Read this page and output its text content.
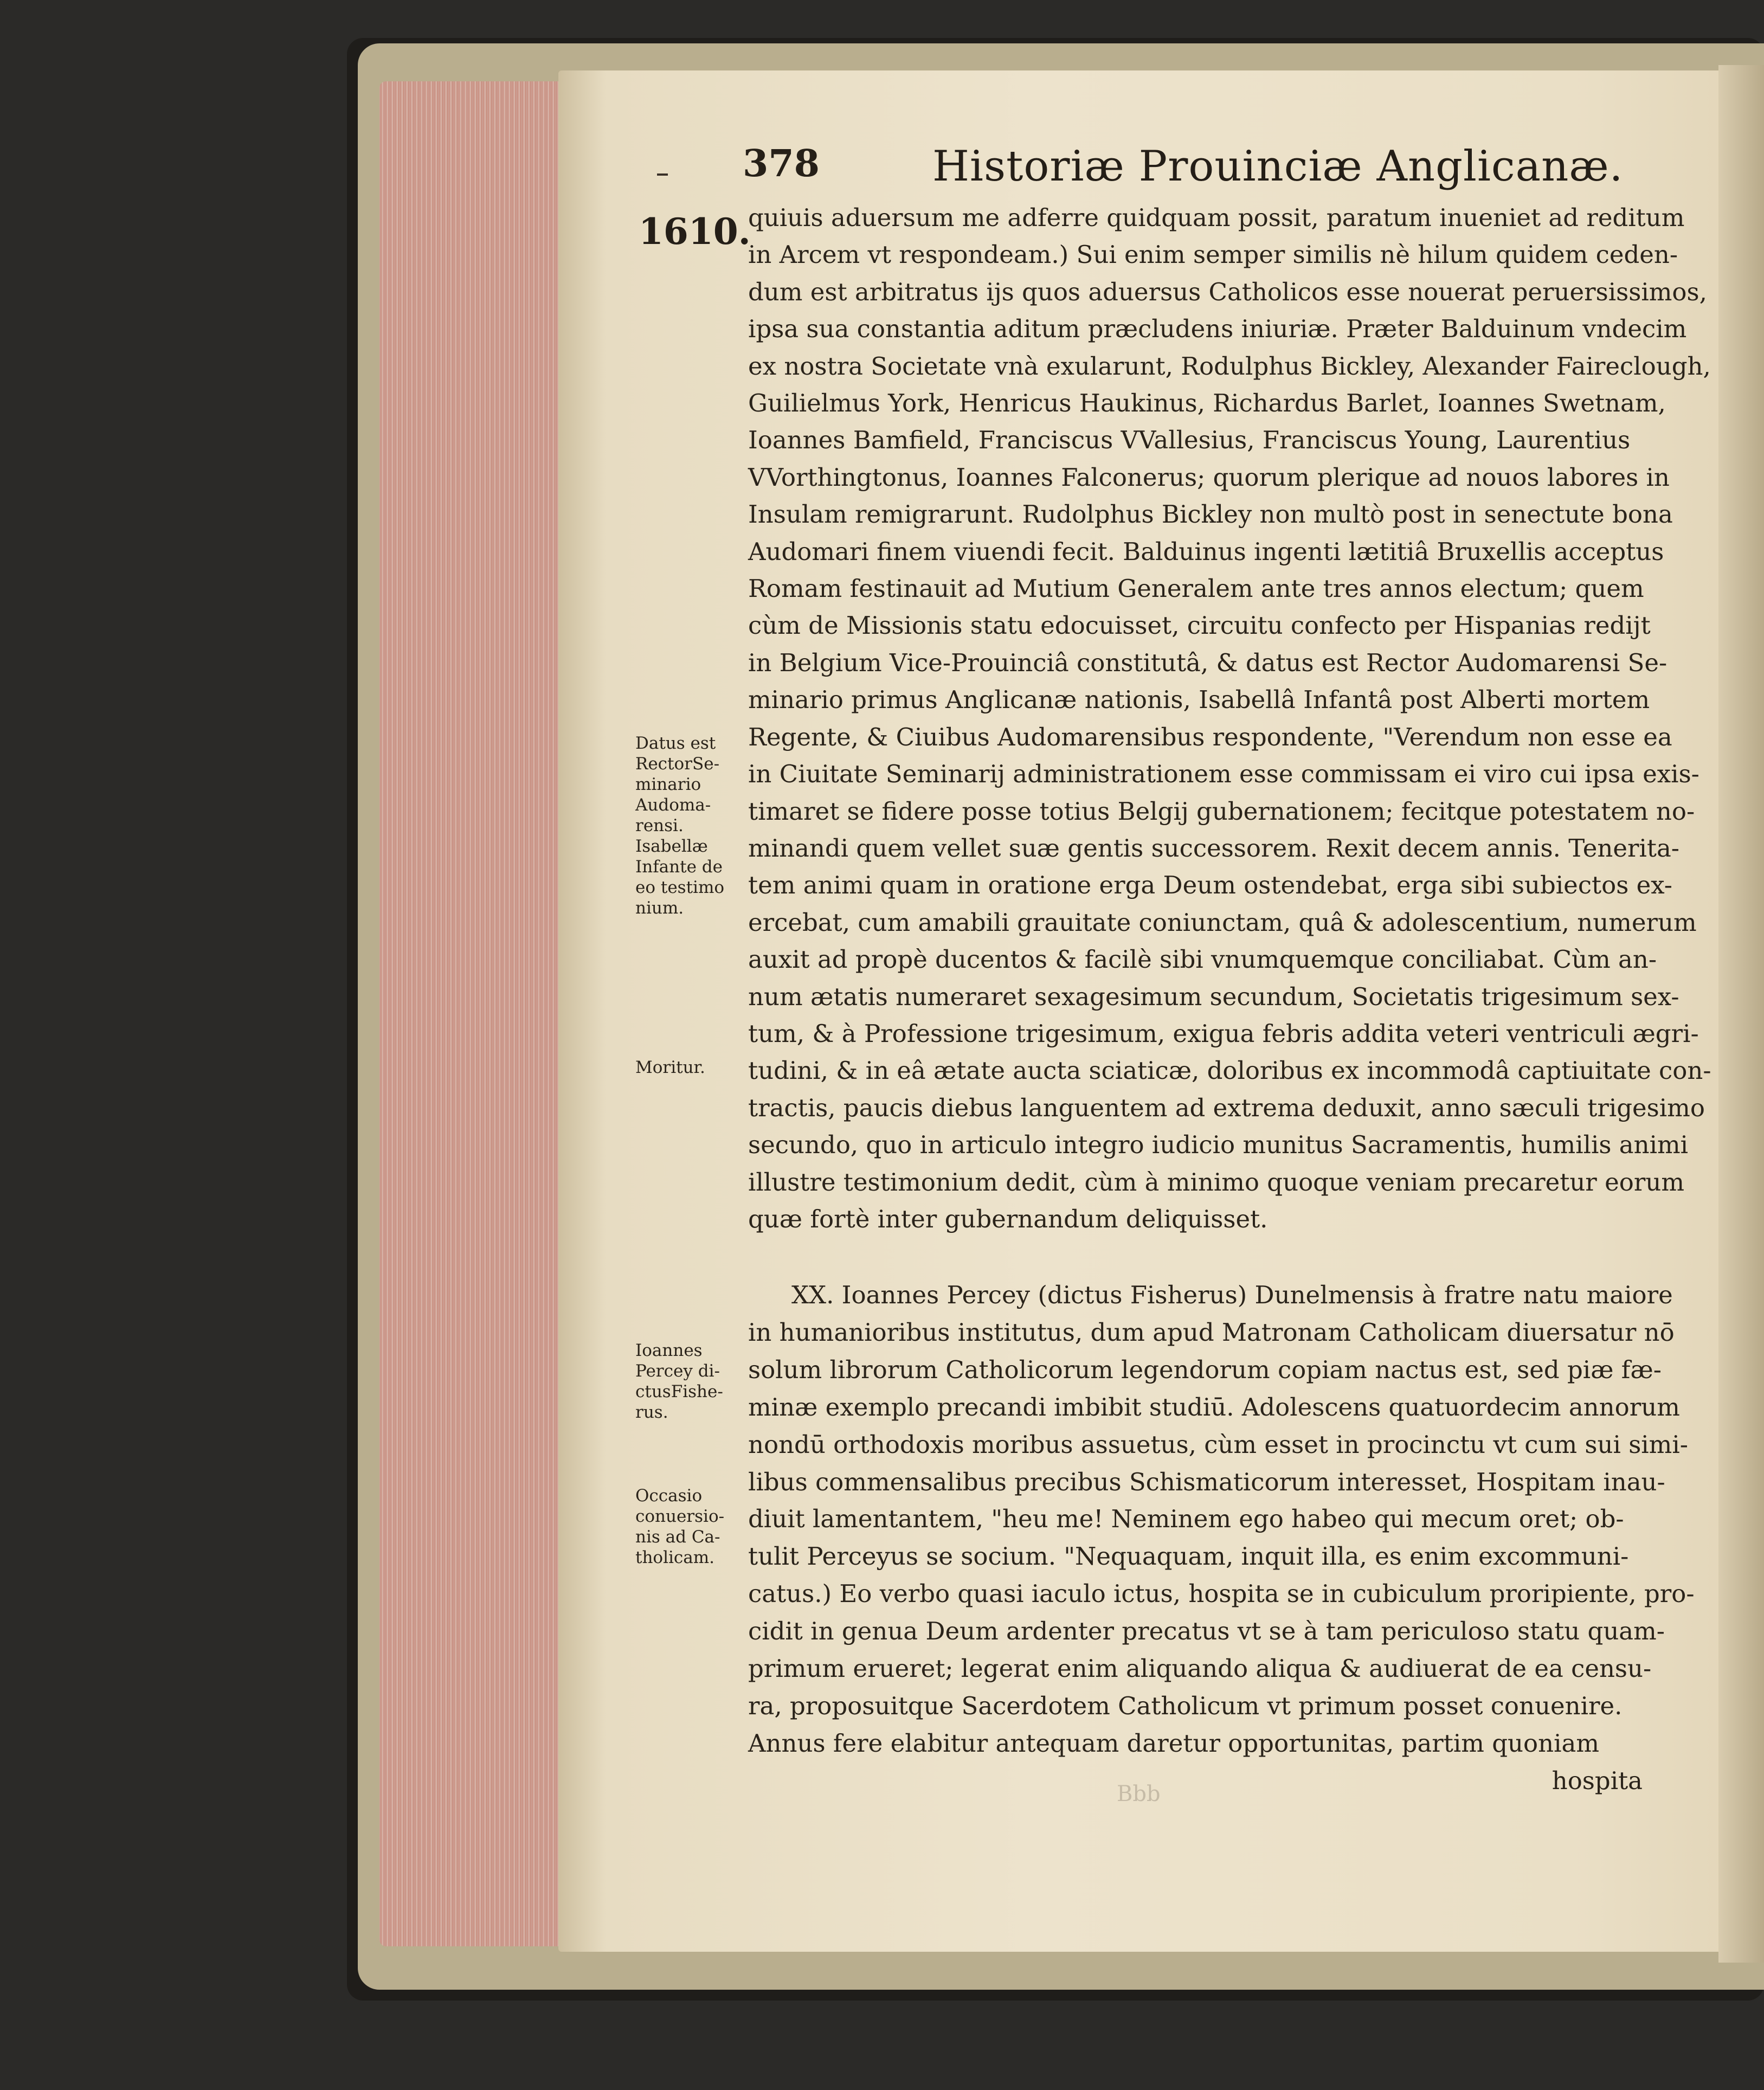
378	Historiæ Prouinciæ Anglicanæ.
1610.
quiuis aduersum me adferre quidquam possit, paratum inueniet ad reditum
in Arcem vt respondeam.) Sui enim semper similis nè hilum quidem ceden-
dum est arbitratus ijs quos aduersus Catholicos esse nouerat peruersissimos,
ipsa sua constantia aditum præcludens iniuriæ. Præter Balduinum vndecim
ex nostra Societate vnà exularunt, Rodulphus Bickley, Alexander Faireclough,
Guilielmus York, Henricus Haukinus, Richardus Barlet, Ioannes Swetnam,
Ioannes Bamfield, Franciscus VVallesius, Franciscus Young, Laurentius
VVorthingtonus, Ioannes Falconerus; quorum plerique ad nouos labores in
Insulam remigrarunt. Rudolphus Bickley non multò post in senectute bona
Audomari finem viuendi fecit. Balduinus ingenti lætitiâ Bruxellis acceptus
Romam festinauit ad Mutium Generalem ante tres annos electum; quem
cùm de Missionis statu edocuisset, circuitu confecto per Hispanias redijt
in Belgium Vice-Prouinciâ constitutâ, & datus est Rector Audomarensi Se-
minario primus Anglicanæ nationis, Isabellâ Infantâ post Alberti mortem
Regente, & Ciuibus Audomarensibus respondente, "Verendum non esse ea
in Ciuitate Seminarij administrationem esse commissam ei viro cui ipsa exis-
timaret se fidere posse totius Belgij gubernationem; fecitque potestatem no-
minandi quem vellet suæ gentis successorem. Rexit decem annis. Tenerita-
tem animi quam in oratione erga Deum ostendebat, erga sibi subiectos ex-
ercebat, cum amabili grauitate coniunctam, quâ & adolescentium, numerum
auxit ad propè ducentos & facilè sibi vnumquemque conciliabat. Cùm an-
num ætatis numeraret sexagesimum secundum, Societatis trigesimum sex-
tum, & à Professione trigesimum, exigua febris addita veteri ventriculi ægri-
tudini, & in eâ ætate aucta sciaticæ, doloribus ex incommodâ captiuitate con-
tractis, paucis diebus languentem ad extrema deduxit, anno sæculi trigesimo
secundo, quo in articulo integro iudicio munitus Sacramentis, humilis animi
illustre testimonium dedit, cùm à minimo quoque veniam precaretur eorum
quæ fortè inter gubernandum deliquisset.
XX. Ioannes Percey (dictus Fisherus) Dunelmensis à fratre natu maiore
in humanioribus institutus, dum apud Matronam Catholicam diuersatur nō
solum librorum Catholicorum legendorum copiam nactus est, sed piæ fæ-
minæ exemplo precandi imbibit studiū. Adolescens quatuordecim annorum
nondū orthodoxis moribus assuetus, cùm esset in procinctu vt cum sui simi-
libus commensalibus precibus Schismaticorum interesset, Hospitam inau-
diuit lamentantem, "heu me! Neminem ego habeo qui mecum oret; ob-
tulit Perceyus se socium. "Nequaquam, inquit illa, es enim excommuni-
catus.) Eo verbo quasi iaculo ictus, hospita se in cubiculum proripiente, pro-
cidit in genua Deum ardenter precatus vt se à tam periculoso statu quam-
primum erueret; legerat enim aliquando aliqua & audiuerat de ea censu-
ra, proposuitque Sacerdotem Catholicum vt primum posset conuenire.
Annus fere elabitur antequam daretur opportunitas, partim quoniam
hospita
Datus est
RectorSe-
minario
Audoma-
rensi.
Isabellæ
Infante de
eo testimo
nium.
Moritur.
Ioannes
Percey di-
ctusFishe-
rus.
Occasio
conuersio-
nis ad Ca-
tholicam.
Bbb
